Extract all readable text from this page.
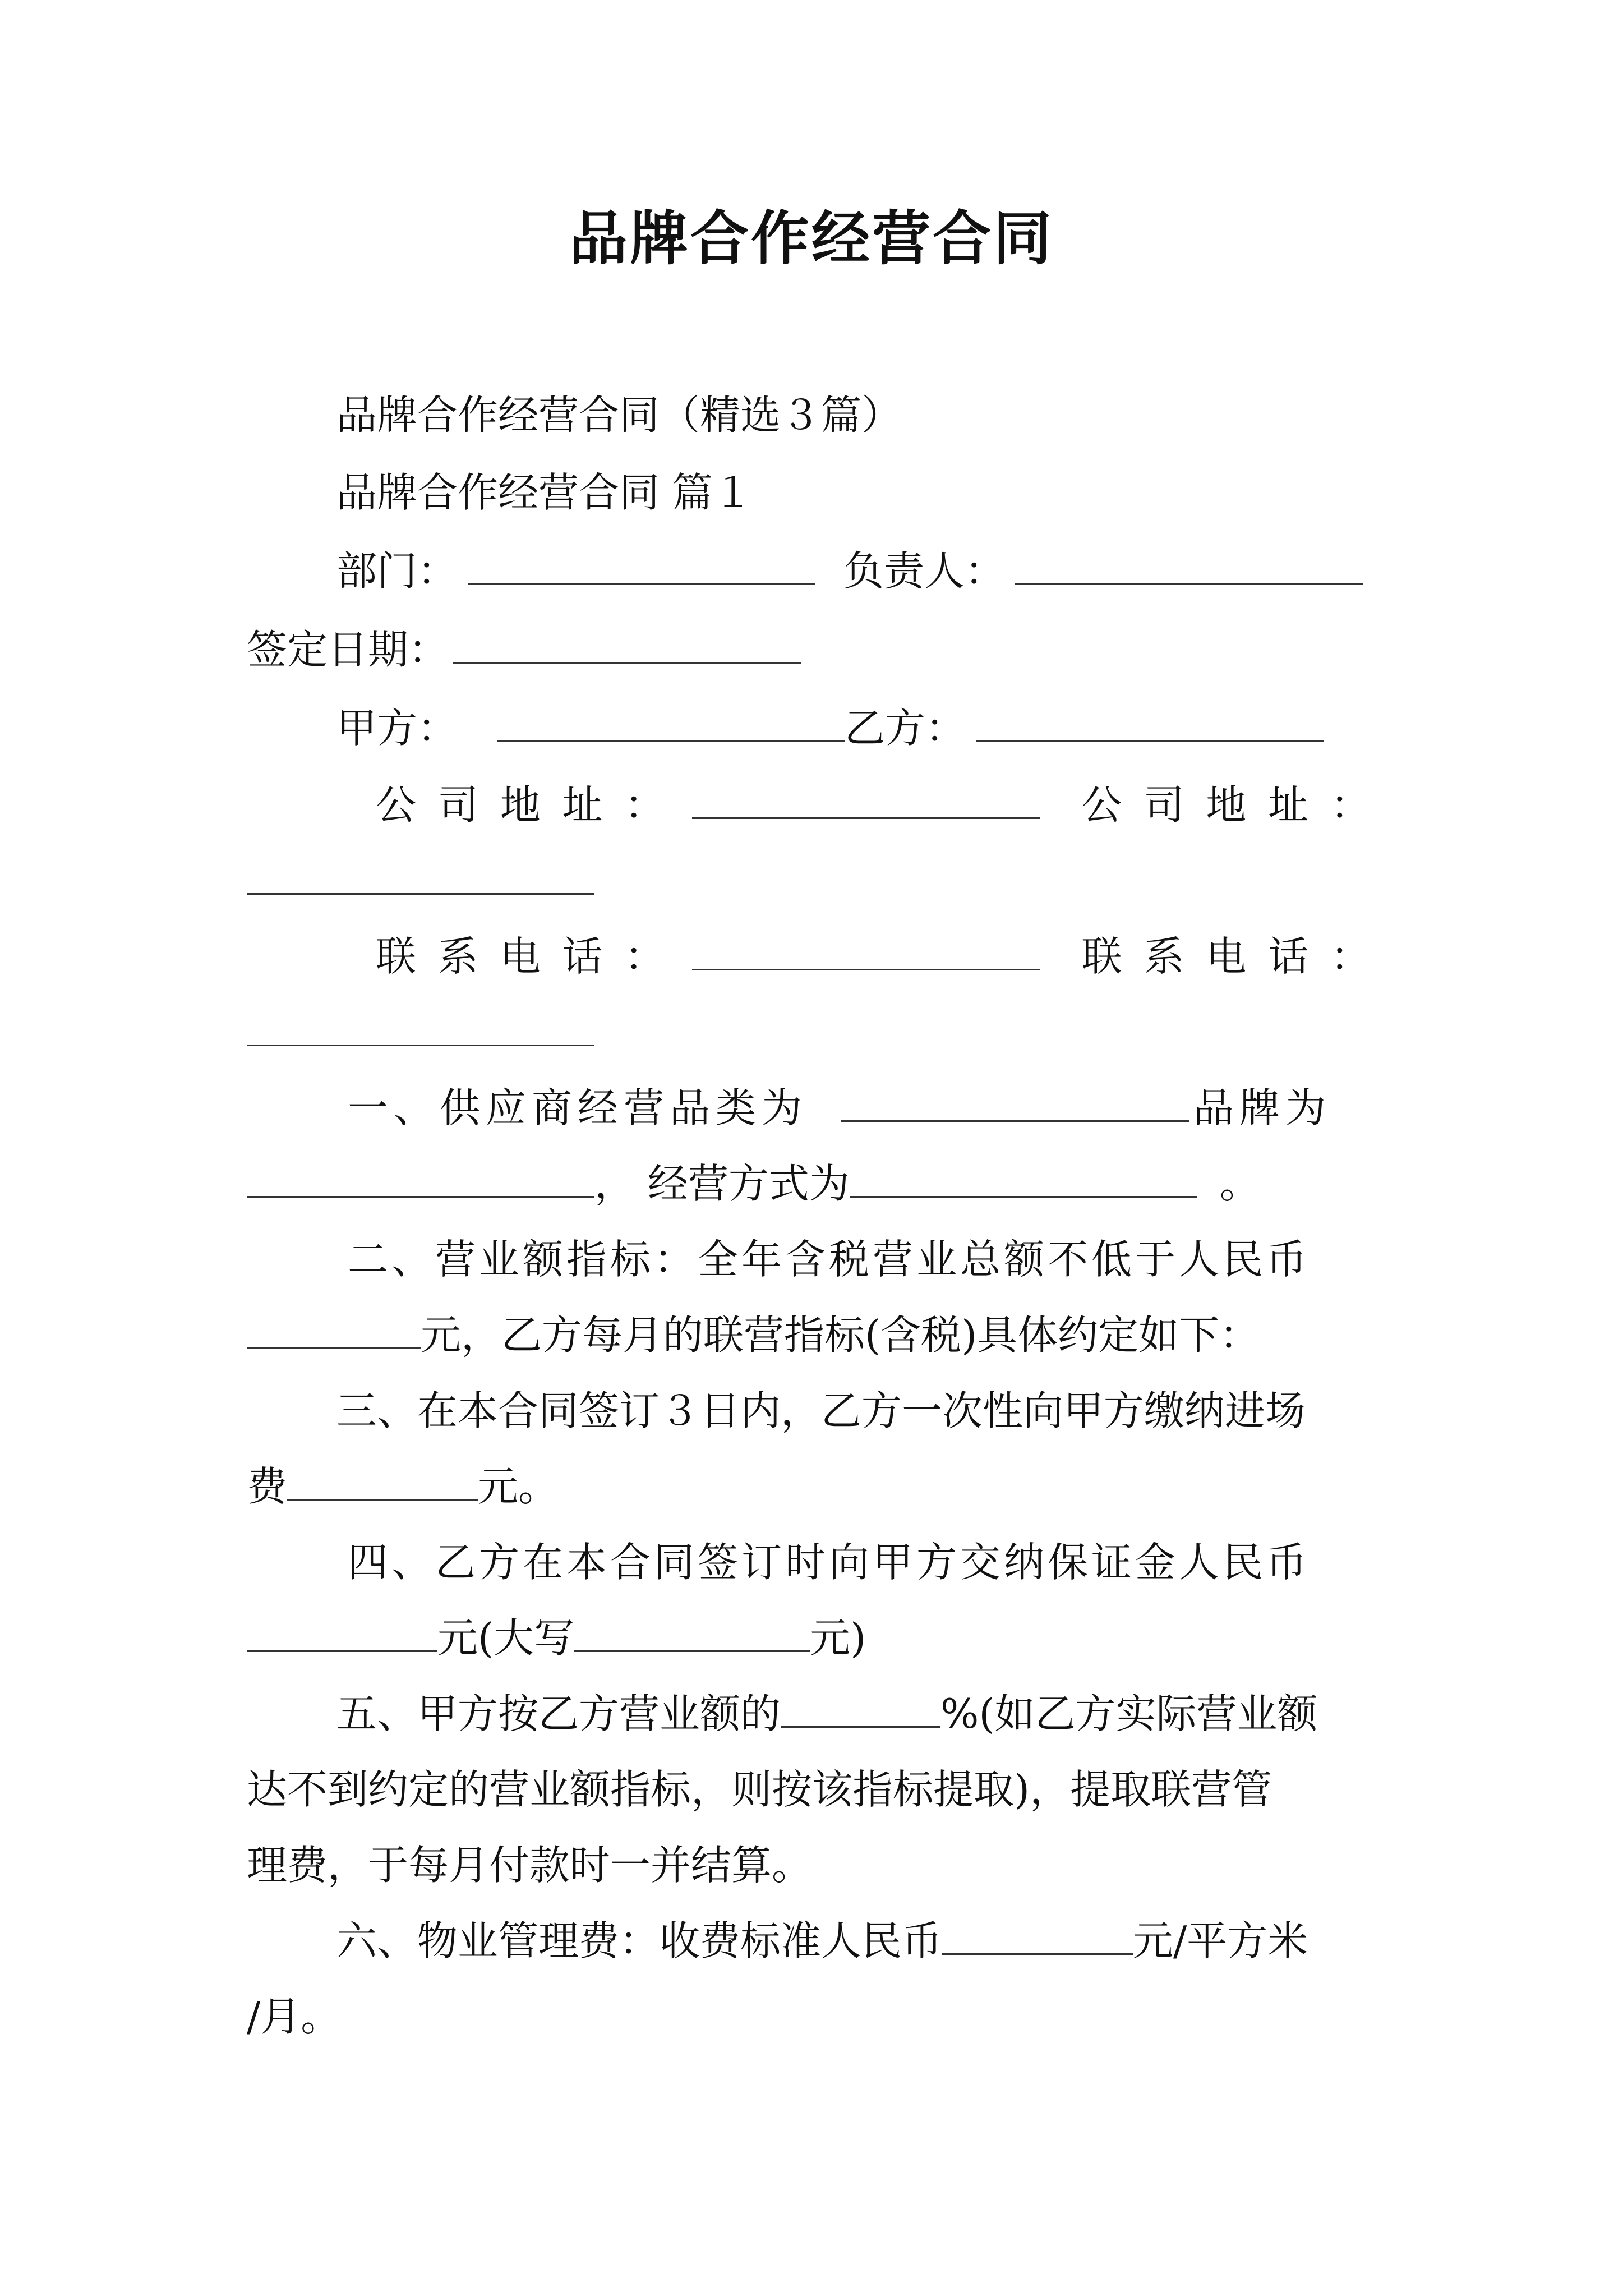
品牌合作经营合同
品牌合作经营合同（精选３篇）
品牌合作经营合同 篇１
部门：	负责人：
签定日期：
甲方：	乙方：
公 司 地 址 ：	公 司 地 址 ：
联 系 电 话 ：	联 系 电 话 ：
一、供应商经营品类为	品牌为
， 经营方式为	。
二、营业额指标：全年含税营业总额不低于人民币
元，乙方每月的联营指标(含税)具体约定如下：
三、在本合同签订３日内，乙方一次性向甲方缴纳进场
费	元。
四、乙方在本合同签订时向甲方交纳保证金人民币
元(大写	元)
五、甲方按乙方营业额的	%(如乙方实际营业额
达不到约定的营业额指标，则按该指标提取)，提取联营管
理费，于每月付款时一并结算。
六、物业管理费：收费标准人民币	元/平方米
/月。
